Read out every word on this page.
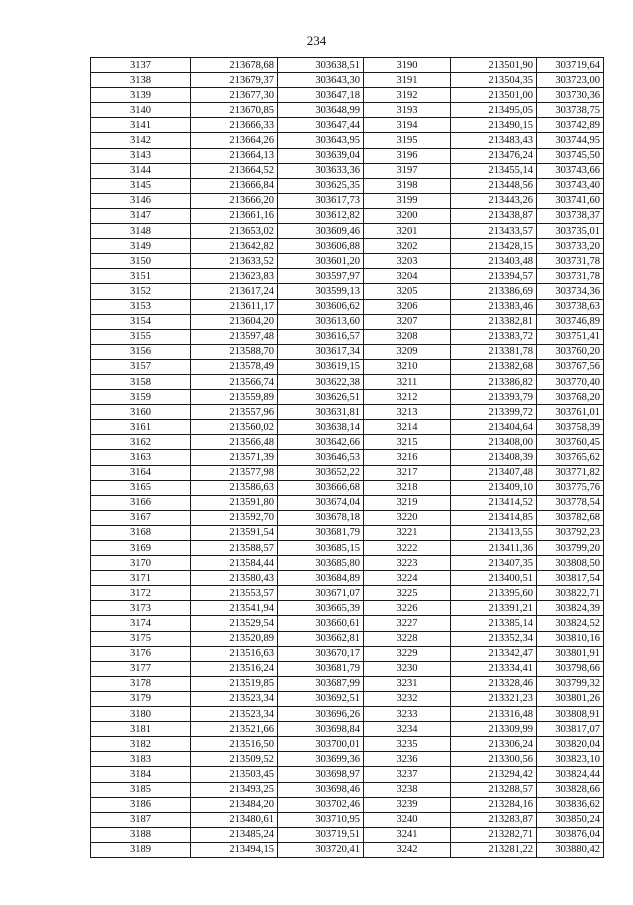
234
3137	213678,68	303638,51	3190	213501,90	303719,64
3138	213679,37	303643,30	3191	213504,35	303723,00
3139	213677,30	303647,18	3192	213501,00	303730,36
3140	213670,85	303648,99	3193	213495,05	303738,75
3141	213666,33	303647,44	3194	213490,15	303742,89
3142	213664,26	303643,95	3195	213483,43	303744,95
3143	213664,13	303639,04	3196	213476,24	303745,50
3144	213664,52	303633,36	3197	213455,14	303743,66
3145	213666,84	303625,35	3198	213448,56	303743,40
3146	213666,20	303617,73	3199	213443,26	303741,60
3147	213661,16	303612,82	3200	213438,87	303738,37
3148	213653,02	303609,46	3201	213433,57	303735,01
3149	213642,82	303606,88	3202	213428,15	303733,20
3150	213633,52	303601,20	3203	213403,48	303731,78
3151	213623,83	303597,97	3204	213394,57	303731,78
3152	213617,24	303599,13	3205	213386,69	303734,36
3153	213611,17	303606,62	3206	213383,46	303738,63
3154	213604,20	303613,60	3207	213382,81	303746,89
3155	213597,48	303616,57	3208	213383,72	303751,41
3156	213588,70	303617,34	3209	213381,78	303760,20
3157	213578,49	303619,15	3210	213382,68	303767,56
3158	213566,74	303622,38	3211	213386,82	303770,40
3159	213559,89	303626,51	3212	213393,79	303768,20
3160	213557,96	303631,81	3213	213399,72	303761,01
3161	213560,02	303638,14	3214	213404,64	303758,39
3162	213566,48	303642,66	3215	213408,00	303760,45
3163	213571,39	303646,53	3216	213408,39	303765,62
3164	213577,98	303652,22	3217	213407,48	303771,82
3165	213586,63	303666,68	3218	213409,10	303775,76
3166	213591,80	303674,04	3219	213414,52	303778,54
3167	213592,70	303678,18	3220	213414,85	303782,68
3168	213591,54	303681,79	3221	213413,55	303792,23
3169	213588,57	303685,15	3222	213411,36	303799,20
3170	213584,44	303685,80	3223	213407,35	303808,50
3171	213580,43	303684,89	3224	213400,51	303817,54
3172	213553,57	303671,07	3225	213395,60	303822,71
3173	213541,94	303665,39	3226	213391,21	303824,39
3174	213529,54	303660,61	3227	213385,14	303824,52
3175	213520,89	303662,81	3228	213352,34	303810,16
3176	213516,63	303670,17	3229	213342,47	303801,91
3177	213516,24	303681,79	3230	213334,41	303798,66
3178	213519,85	303687,99	3231	213328,46	303799,32
3179	213523,34	303692,51	3232	213321,23	303801,26
3180	213523,34	303696,26	3233	213316,48	303808,91
3181	213521,66	303698,84	3234	213309,99	303817,07
3182	213516,50	303700,01	3235	213306,24	303820,04
3183	213509,52	303699,36	3236	213300,56	303823,10
3184	213503,45	303698,97	3237	213294,42	303824,44
3185	213493,25	303698,46	3238	213288,57	303828,66
3186	213484,20	303702,46	3239	213284,16	303836,62
3187	213480,61	303710,95	3240	213283,87	303850,24
3188	213485,24	303719,51	3241	213282,71	303876,04
3189	213494,15	303720,41	3242	213281,22	303880,42
